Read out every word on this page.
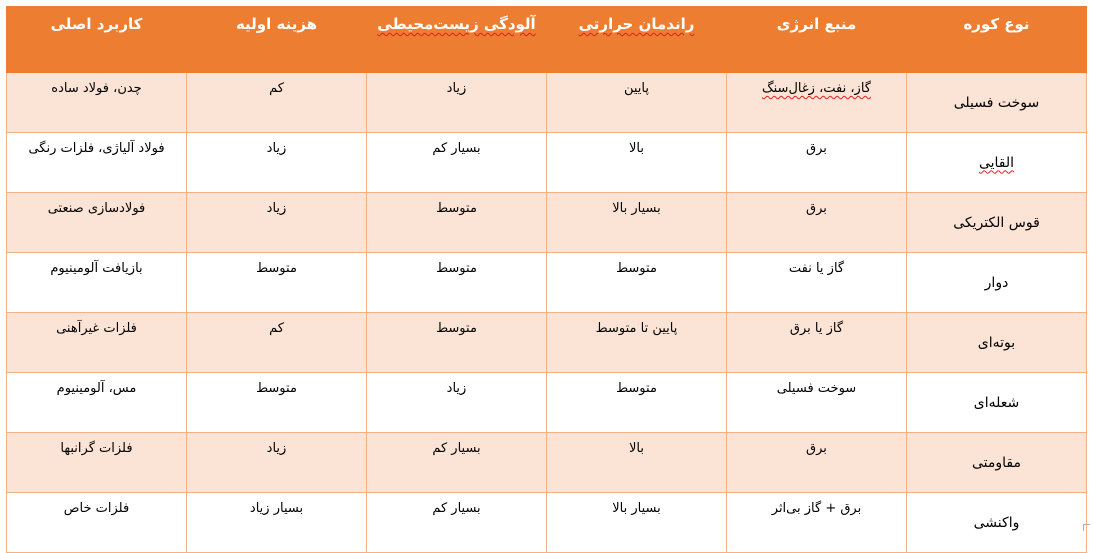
نوع کوره	منبع انرژی	راندمان حرارتی	آلودگی زیست‌محیطی	هزینه اولیه	کاربرد اصلی
سوخت فسیلی	گاز، نفت، زغال‌سنگ	پایین	زیاد	کم	چدن، فولاد ساده
القایی	برق	بالا	بسیار کم	زیاد	فولاد آلیاژی، فلزات رنگی
قوس الکتریکی	برق	بسیار بالا	متوسط	زیاد	فولادسازی صنعتی
دوار	گاز یا نفت	متوسط	متوسط	متوسط	بازیافت آلومینیوم
بوته‌ای	گاز یا برق	پایین تا متوسط	متوسط	کم	فلزات غیرآهنی
شعله‌ای	سوخت فسیلی	متوسط	زیاد	متوسط	مس، آلومینیوم
مقاومتی	برق	بالا	بسیار کم	زیاد	فلزات گرانبها
واکنشی	برق + گاز بی‌اثر	بسیار بالا	بسیار کم	بسیار زیاد	فلزات خاص
